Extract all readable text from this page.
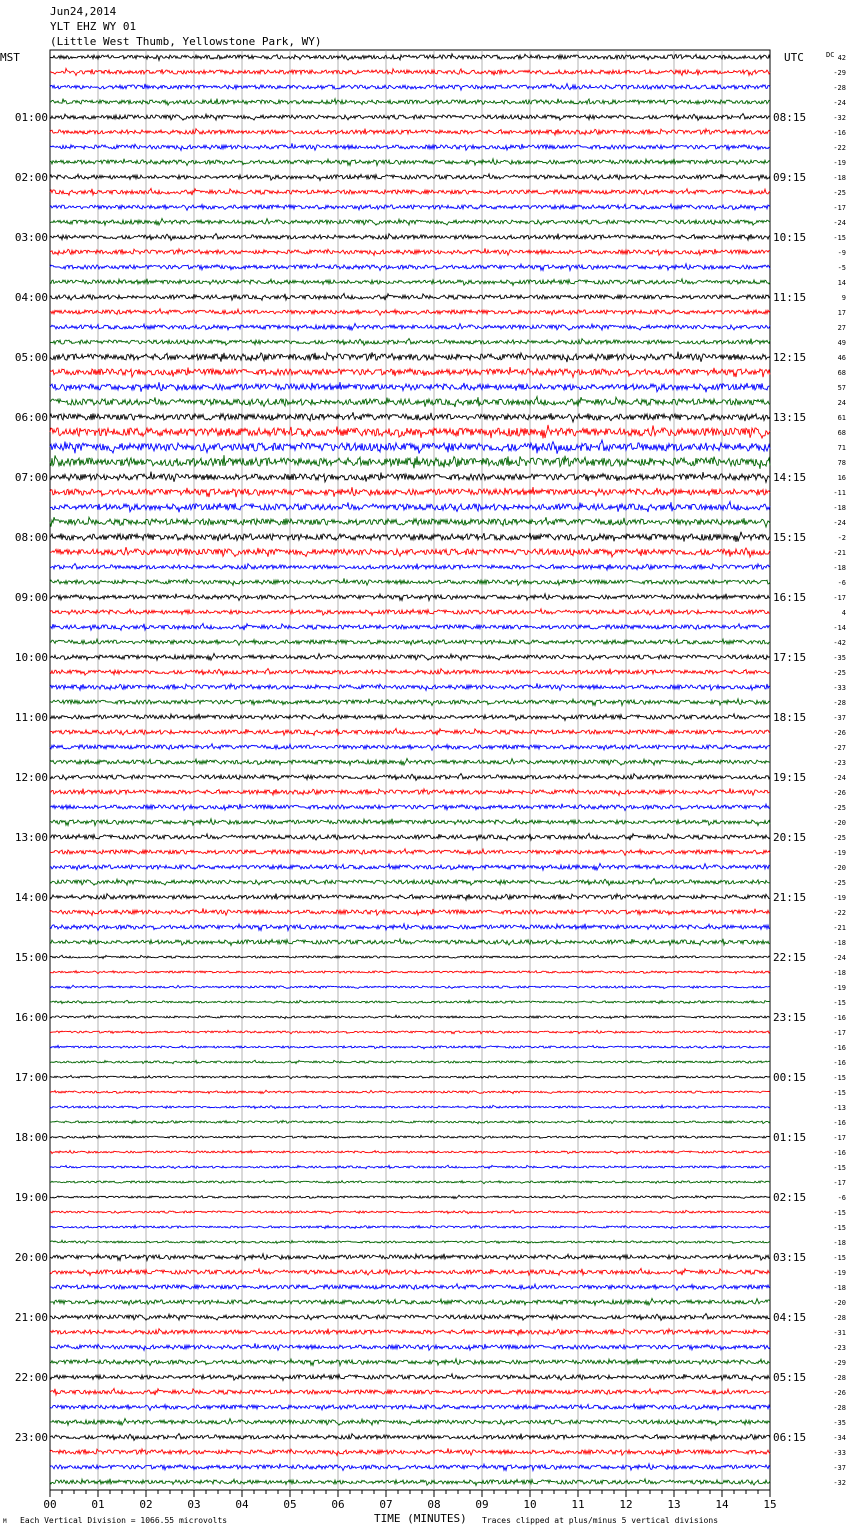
Jun24,2014
YLT EHZ WY 01
(Little West Thumb, Yellowstone Park, WY)
MST	UTC	42
-29
-28
-24
-32
-16
-22
-19
-18
-25
-17
-24
-15
-9
-5
14
9
17
27
49
46
68
57
24
61
68
71
78
16
-11
-18
-24
-2
-21
-18
-6
-17
4
-14
-42
-35
-25
-33
-28
-37
-26
-27
-23
-24
-26
-25
-20
-25
-19
-20
-25
-19
-22
-21
-18
-24
-18
-19
-15
-16
-17
-16
-16
-15
-15
-13
-16
-17
-16
-15
-17
-6
-15
-15
-18
-15
-19
-18
-20
-28
-31
-23
-29
-28
-26
-28
-35
-34
-33
-37
-32
DC
01:00
02:00
03:00
04:00
05:00
06:00
07:00
08:00
09:00
10:00
11:00
12:00
13:00
14:00
15:00
16:00
17:00
18:00
19:00
20:00
21:00
22:00
23:00
08:15
09:15
10:15
11:15
12:15
13:15
14:15
15:15
16:15
17:15
18:15
19:15
20:15
21:15
22:15
23:15
00:15
01:15
02:15
03:15
04:15
05:15
06:15
00	01	02	03	04	05	06	07	08	09	10	11	12	13	14	15
M Each Vertical Division = 1066.55 microvolts	TIME (MINUTES) Traces clipped at plus/minus 5 vertical divisions
